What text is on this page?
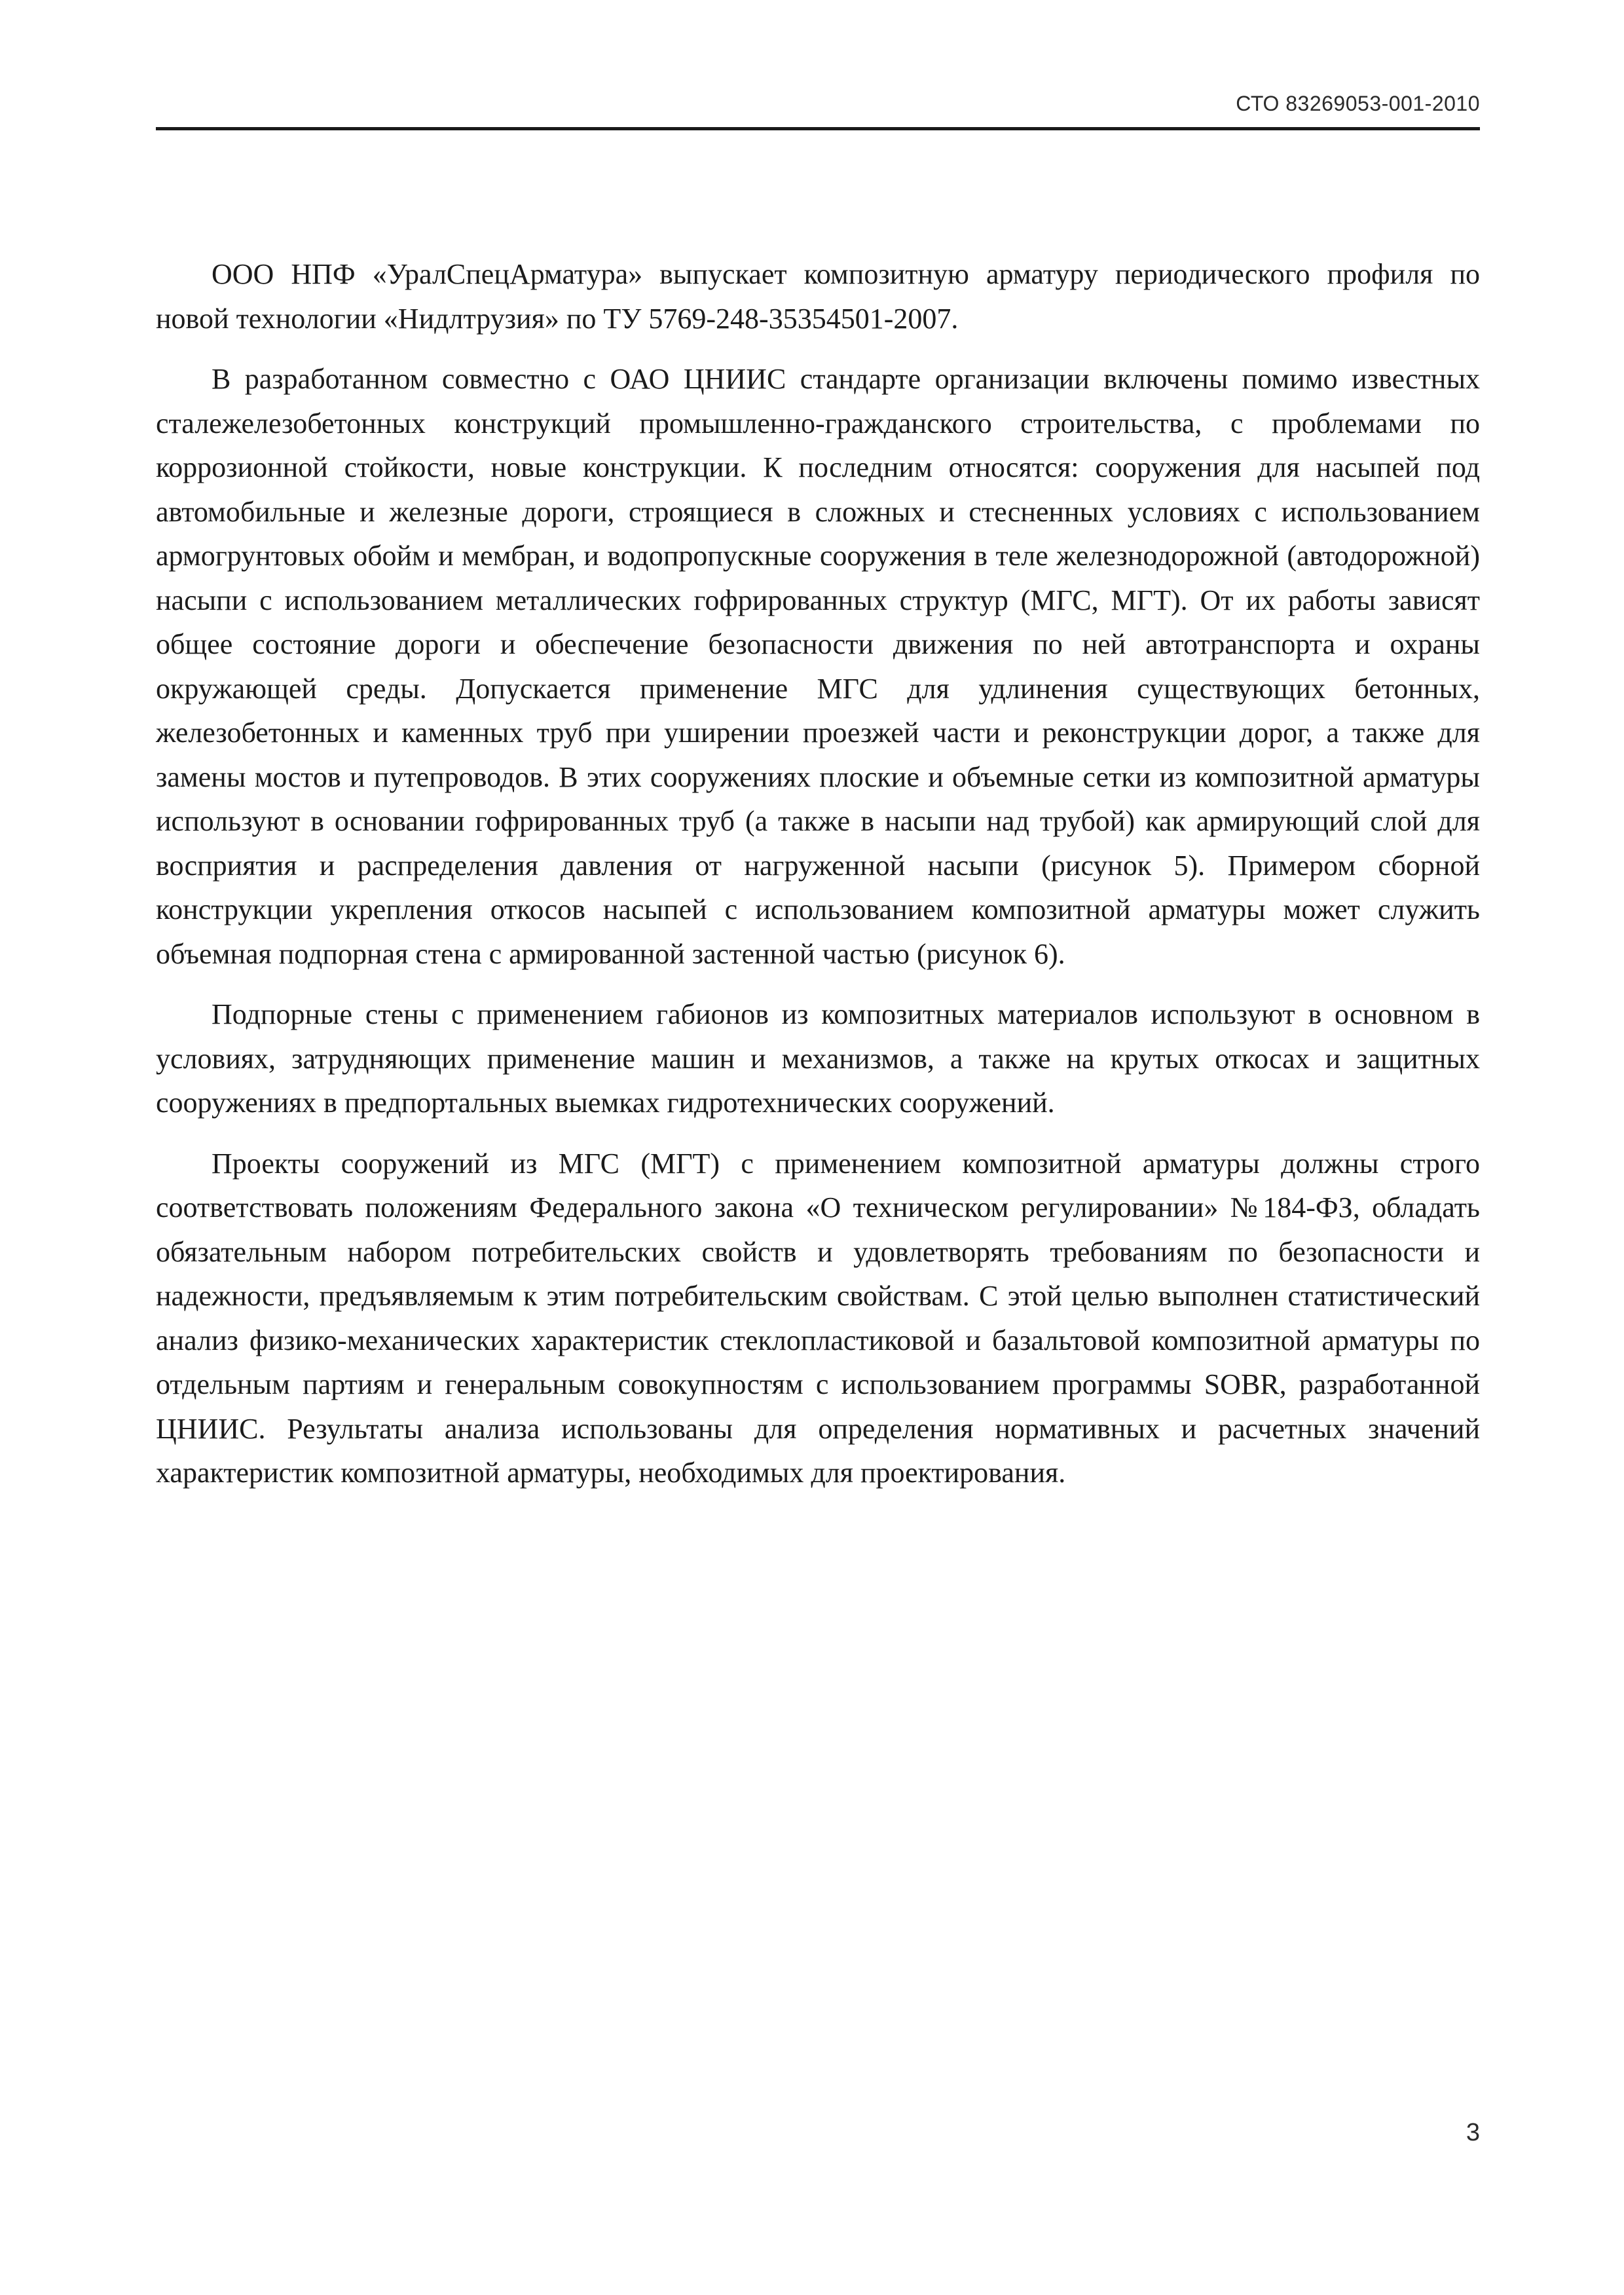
СТО 83269053-001-2010

ООО НПФ «УралСпецАрматура» выпускает композитную арматуру периодического профиля по новой технологии «Нидлтрузия» по ТУ 5769-248-35354501-2007.

В разработанном совместно с ОАО ЦНИИС стандарте организации включены помимо известных сталежелезобетонных конструкций промышленно-гражданского строительства, с проблемами по коррозионной стойкости, новые конструкции. К последним относятся: сооружения для насыпей под автомобильные и железные дороги, строящиеся в сложных и стесненных условиях с использованием армогрунтовых обойм и мембран, и водопропускные сооружения в теле железнодорожной (автодорожной) насыпи с использованием металлических гофрированных структур (МГС, МГТ). От их работы зависят общее состояние дороги и обеспечение безопасности движения по ней автотранспорта и охраны окружающей среды. Допускается применение МГС для удлинения существующих бетонных, железобетонных и каменных труб при уширении проезжей части и реконструкции дорог, а также для замены мостов и путепроводов. В этих сооружениях плоские и объемные сетки из композитной арматуры используют в основании гофрированных труб (а также в насыпи над трубой) как армирующий слой для восприятия и распределения давления от нагруженной насыпи (рисунок 5). Примером сборной конструкции укрепления откосов насыпей с использованием композитной арматуры может служить объемная подпорная стена с армированной застенной частью (рисунок 6).

Подпорные стены с применением габионов из композитных материалов используют в основном в условиях, затрудняющих применение машин и механизмов, а также на крутых откосах и защитных сооружениях в предпортальных выемках гидротехнических сооружений.

Проекты сооружений из МГС (МГТ) с применением композитной арматуры должны строго соответствовать положениям Федерального закона «О техническом регулировании» №184-ФЗ, обладать обязательным набором потребительских свойств и удовлетворять требованиям по безопасности и надежности, предъявляемым к этим потребительским свойствам. С этой целью выполнен статистический анализ физико-механических характеристик стеклопластиковой и базальтовой композитной арматуры по отдельным партиям и генеральным совокупностям с использованием программы SOBR, разработанной ЦНИИС. Результаты анализа использованы для определения нормативных и расчетных значений характеристик композитной арматуры, необходимых для проектирования.

3
